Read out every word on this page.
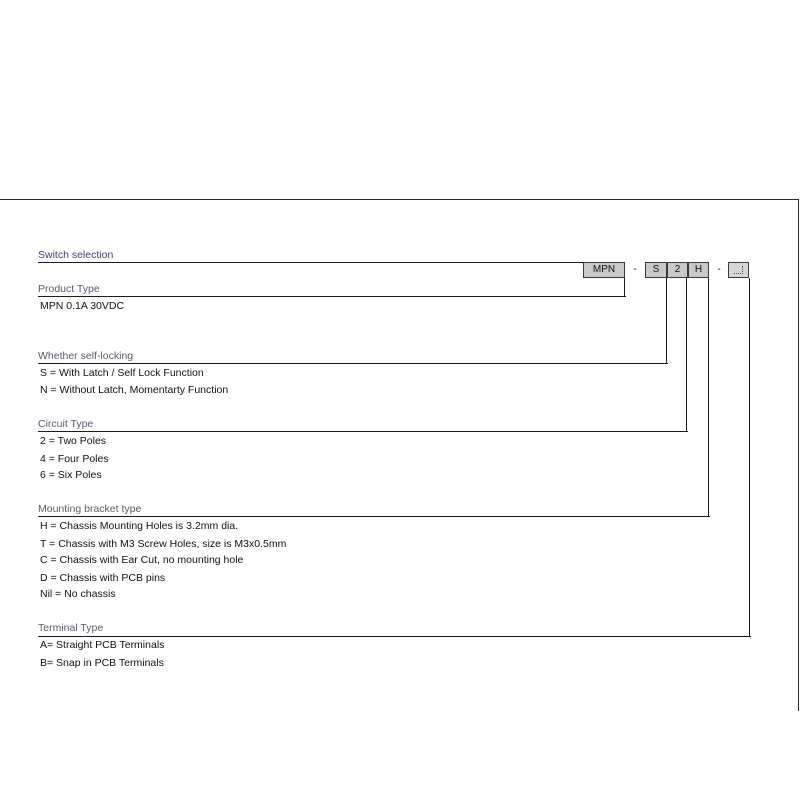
Switch selection
MPN	-	S	2	H	-
Product Type
MPN 0.1A 30VDC
Whether self-locking
S = With Latch / Self Lock Function
N = Without Latch, Momentarty Function
Circuit Type
2 = Two Poles
4 = Four Poles
6 = Six Poles
Mounting bracket type
H = Chassis Mounting Holes is 3.2mm dia.
T = Chassis with M3 Screw Holes, size is M3x0.5mm
C = Chassis with Ear Cut, no mounting hole
D = Chassis with PCB pins
Nil = No chassis
Terminal Type
A= Straight PCB Terminals
B= Snap in PCB Terminals
